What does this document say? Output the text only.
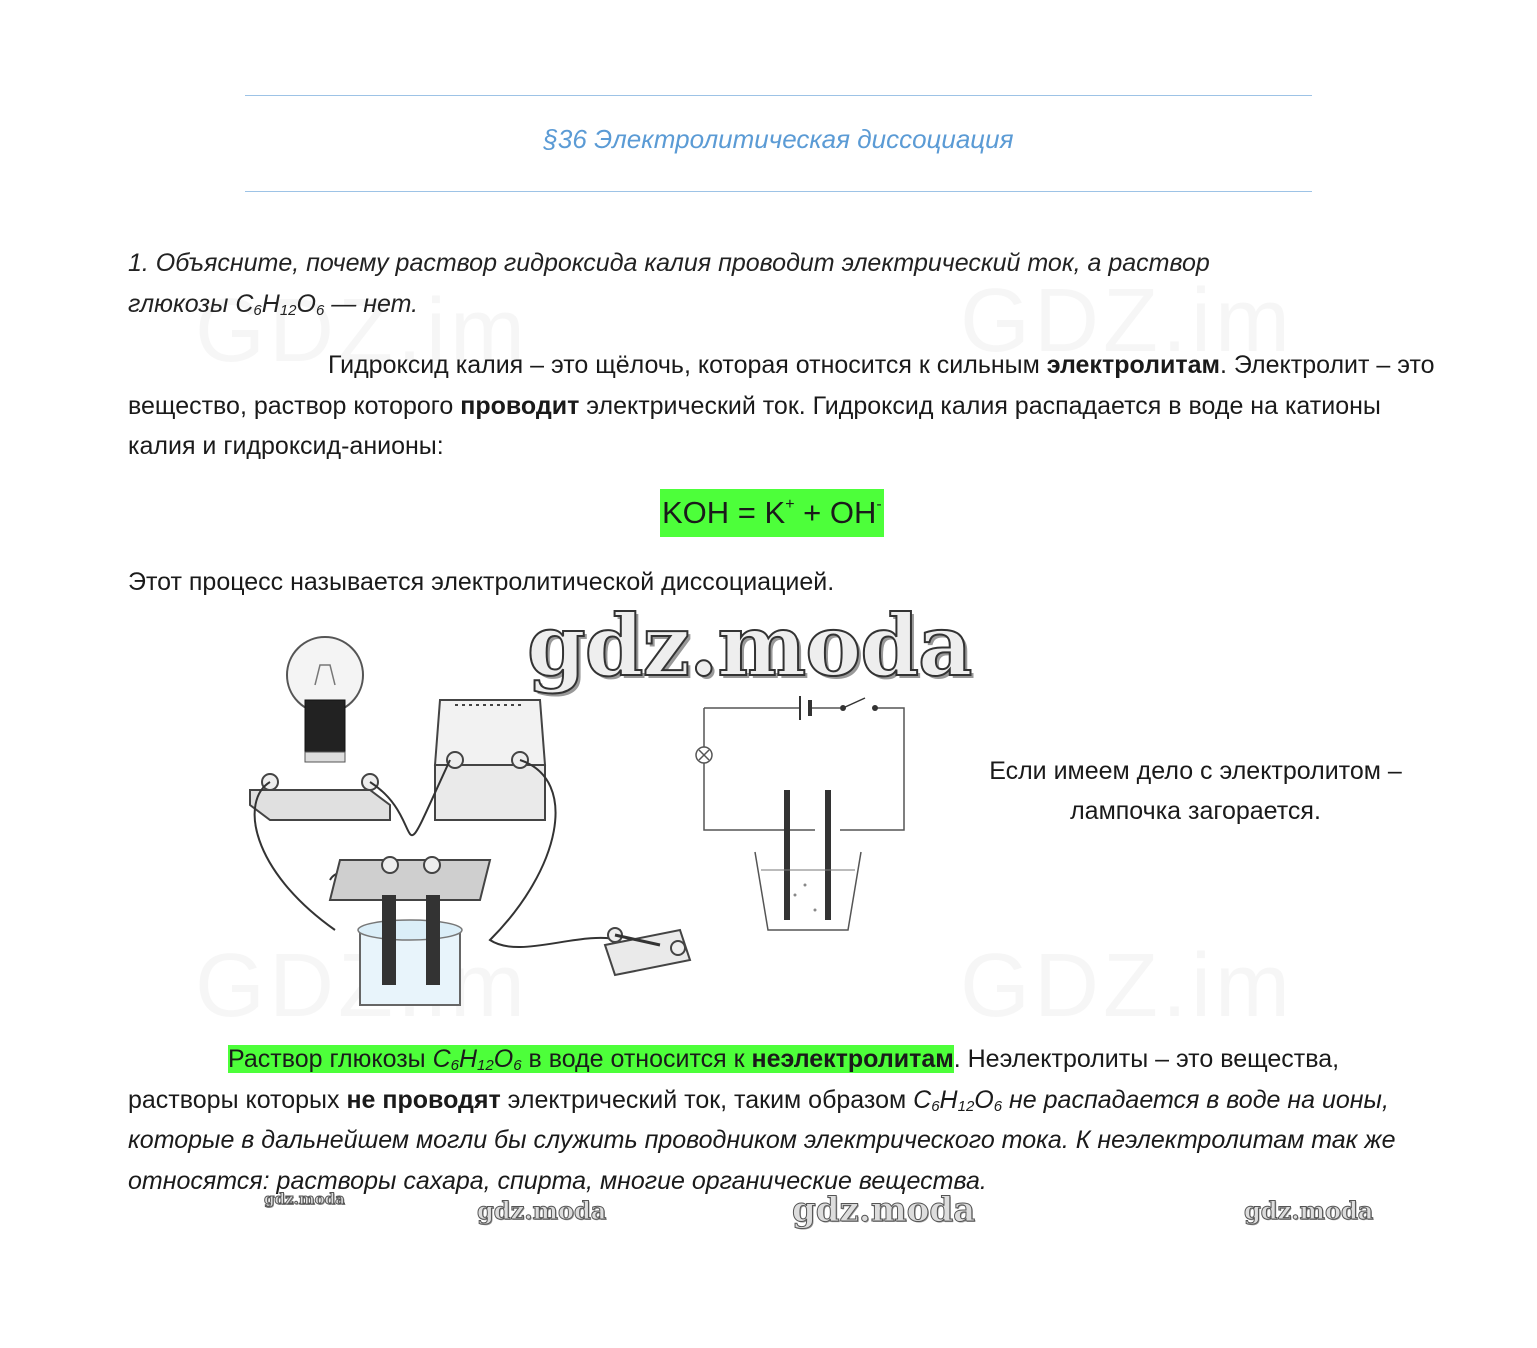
§36 Электролитическая диссоциация
1. Объясните, почему раствор гидроксида калия проводит электрический ток, а раствор
глюкозы $C_6H_{12}O_6$ — нет.
Гидроксид калия – это щёлочь, которая относится к сильным электролитам. Электролит – это вещество, раствор которого проводит электрический ток. Гидроксид калия распадается в воде на катионы калия и гидроксид-анионы:
KOH = K+ + OH-
Этот процесс называется электролитической диссоциацией.
gdz.moda
Если имеем дело с электролитом – лампочка загорается.
Раствор глюкозы $C_6H_{12}O_6$ в воде относится к неэлектролитам. Неэлектролиты – это вещества, растворы которых не проводят электрический ток, таким образом $C_6H_{12}O_6$ не распадается в воде на ионы, которые в дальнейшем могли бы служить проводником электрического тока. К неэлектролитам так же относятся: растворы сахара, спирта, многие органические вещества.
gdz.moda	gdz.moda	gdz.moda	gdz.moda
